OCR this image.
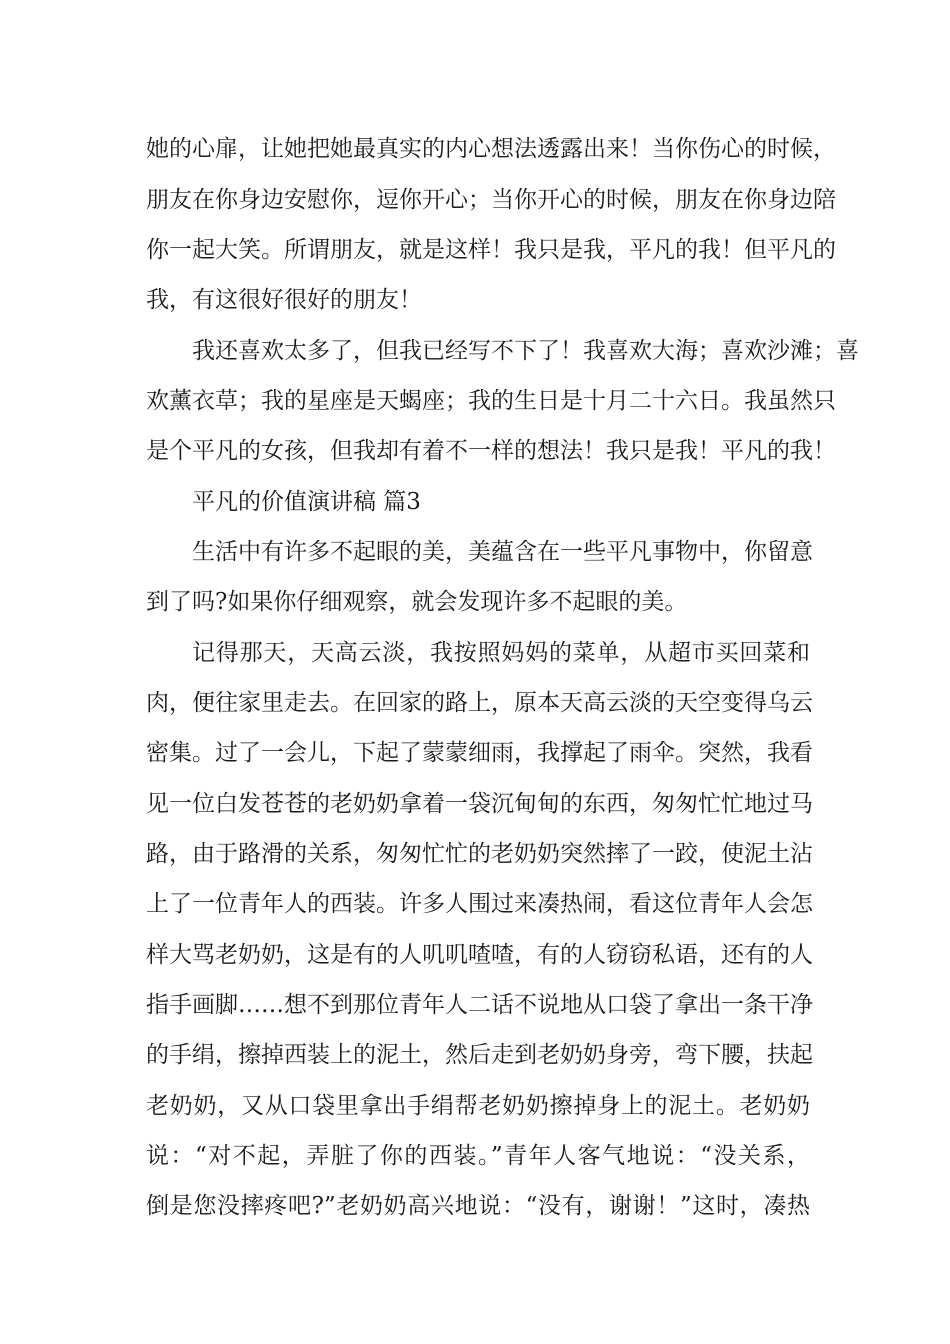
她的心扉，让她把她最真实的内心想法透露出来！当你伤心的时候，
朋友在你身边安慰你，逗你开心；当你开心的时候，朋友在你身边陪
你一起大笑。所谓朋友，就是这样！我只是我，平凡的我！但平凡的
我，有这很好很好的朋友！
我还喜欢太多了，但我已经写不下了！我喜欢大海；喜欢沙滩；喜
欢薰衣草；我的星座是天蝎座；我的生日是十月二十六日。我虽然只
是个平凡的女孩，但我却有着不一样的想法！我只是我！平凡的我！
平凡的价值演讲稿 篇3
生活中有许多不起眼的美，美蕴含在一些平凡事物中，你留意
到了吗?如果你仔细观察，就会发现许多不起眼的美。
记得那天，天高云淡，我按照妈妈的菜单，从超市买回菜和
肉，便往家里走去。在回家的路上，原本天高云淡的天空变得乌云
密集。过了一会儿，下起了蒙蒙细雨，我撑起了雨伞。突然，我看
见一位白发苍苍的老奶奶拿着一袋沉甸甸的东西，匆匆忙忙地过马
路，由于路滑的关系，匆匆忙忙的老奶奶突然摔了一跤，使泥土沾
上了一位青年人的西装。许多人围过来凑热闹，看这位青年人会怎
样大骂老奶奶，这是有的人叽叽喳喳，有的人窃窃私语，还有的人
指手画脚……想不到那位青年人二话不说地从口袋了拿出一条干净
的手绢，擦掉西装上的泥土，然后走到老奶奶身旁，弯下腰，扶起
老奶奶，又从口袋里拿出手绢帮老奶奶擦掉身上的泥土。老奶奶
说：“对不起，弄脏了你的西装。”青年人客气地说：“没关系，
倒是您没摔疼吧?”老奶奶高兴地说：“没有，谢谢！”这时，凑热
